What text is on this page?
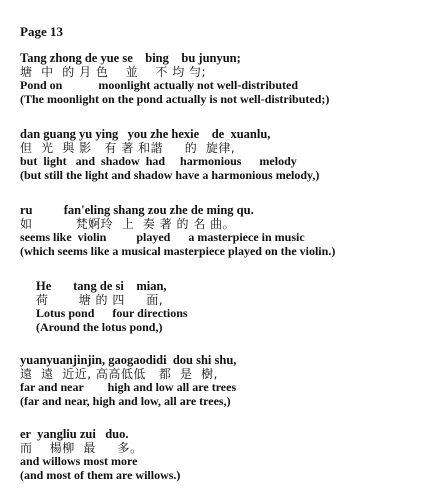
Page 13
Tang zhong de yue se    bing    bu junyun;
塘  中  的 月 色    並    不 均 勻;
Pond on            moonlight actually not well-distributed
(The moonlight on the pond actually is not well-distributed;)
dan guang yu ying   you zhe hexie    de  xuanlu,
但  光  與 影   有 著 和諧     的  旋律,
but  light   and  shadow  had     harmonious      melody
(but still the light and shadow have a harmonious melody,)
ru          fan'eling shang zou zhe de ming qu.
如          梵婀玲  上  奏 著 的 名 曲。
seems like  violin          played      a masterpiece in music
(which seems like a musical masterpiece played on the violin.)
He       tang de si    mian,
荷       塘 的 四     面,
Lotus pond      four directions
(Around the lotus pond,)
yuanyuanjinjin, gaogaodidi  dou shi shu,
遠  遠  近近, 高高低低   都  是  樹,
far and near        high and low all are trees
(far and near, high and low, all are trees,)
er  yangliu zui   duo.
而    楊柳  最     多。
and willows most more
(and most of them are willows.)
